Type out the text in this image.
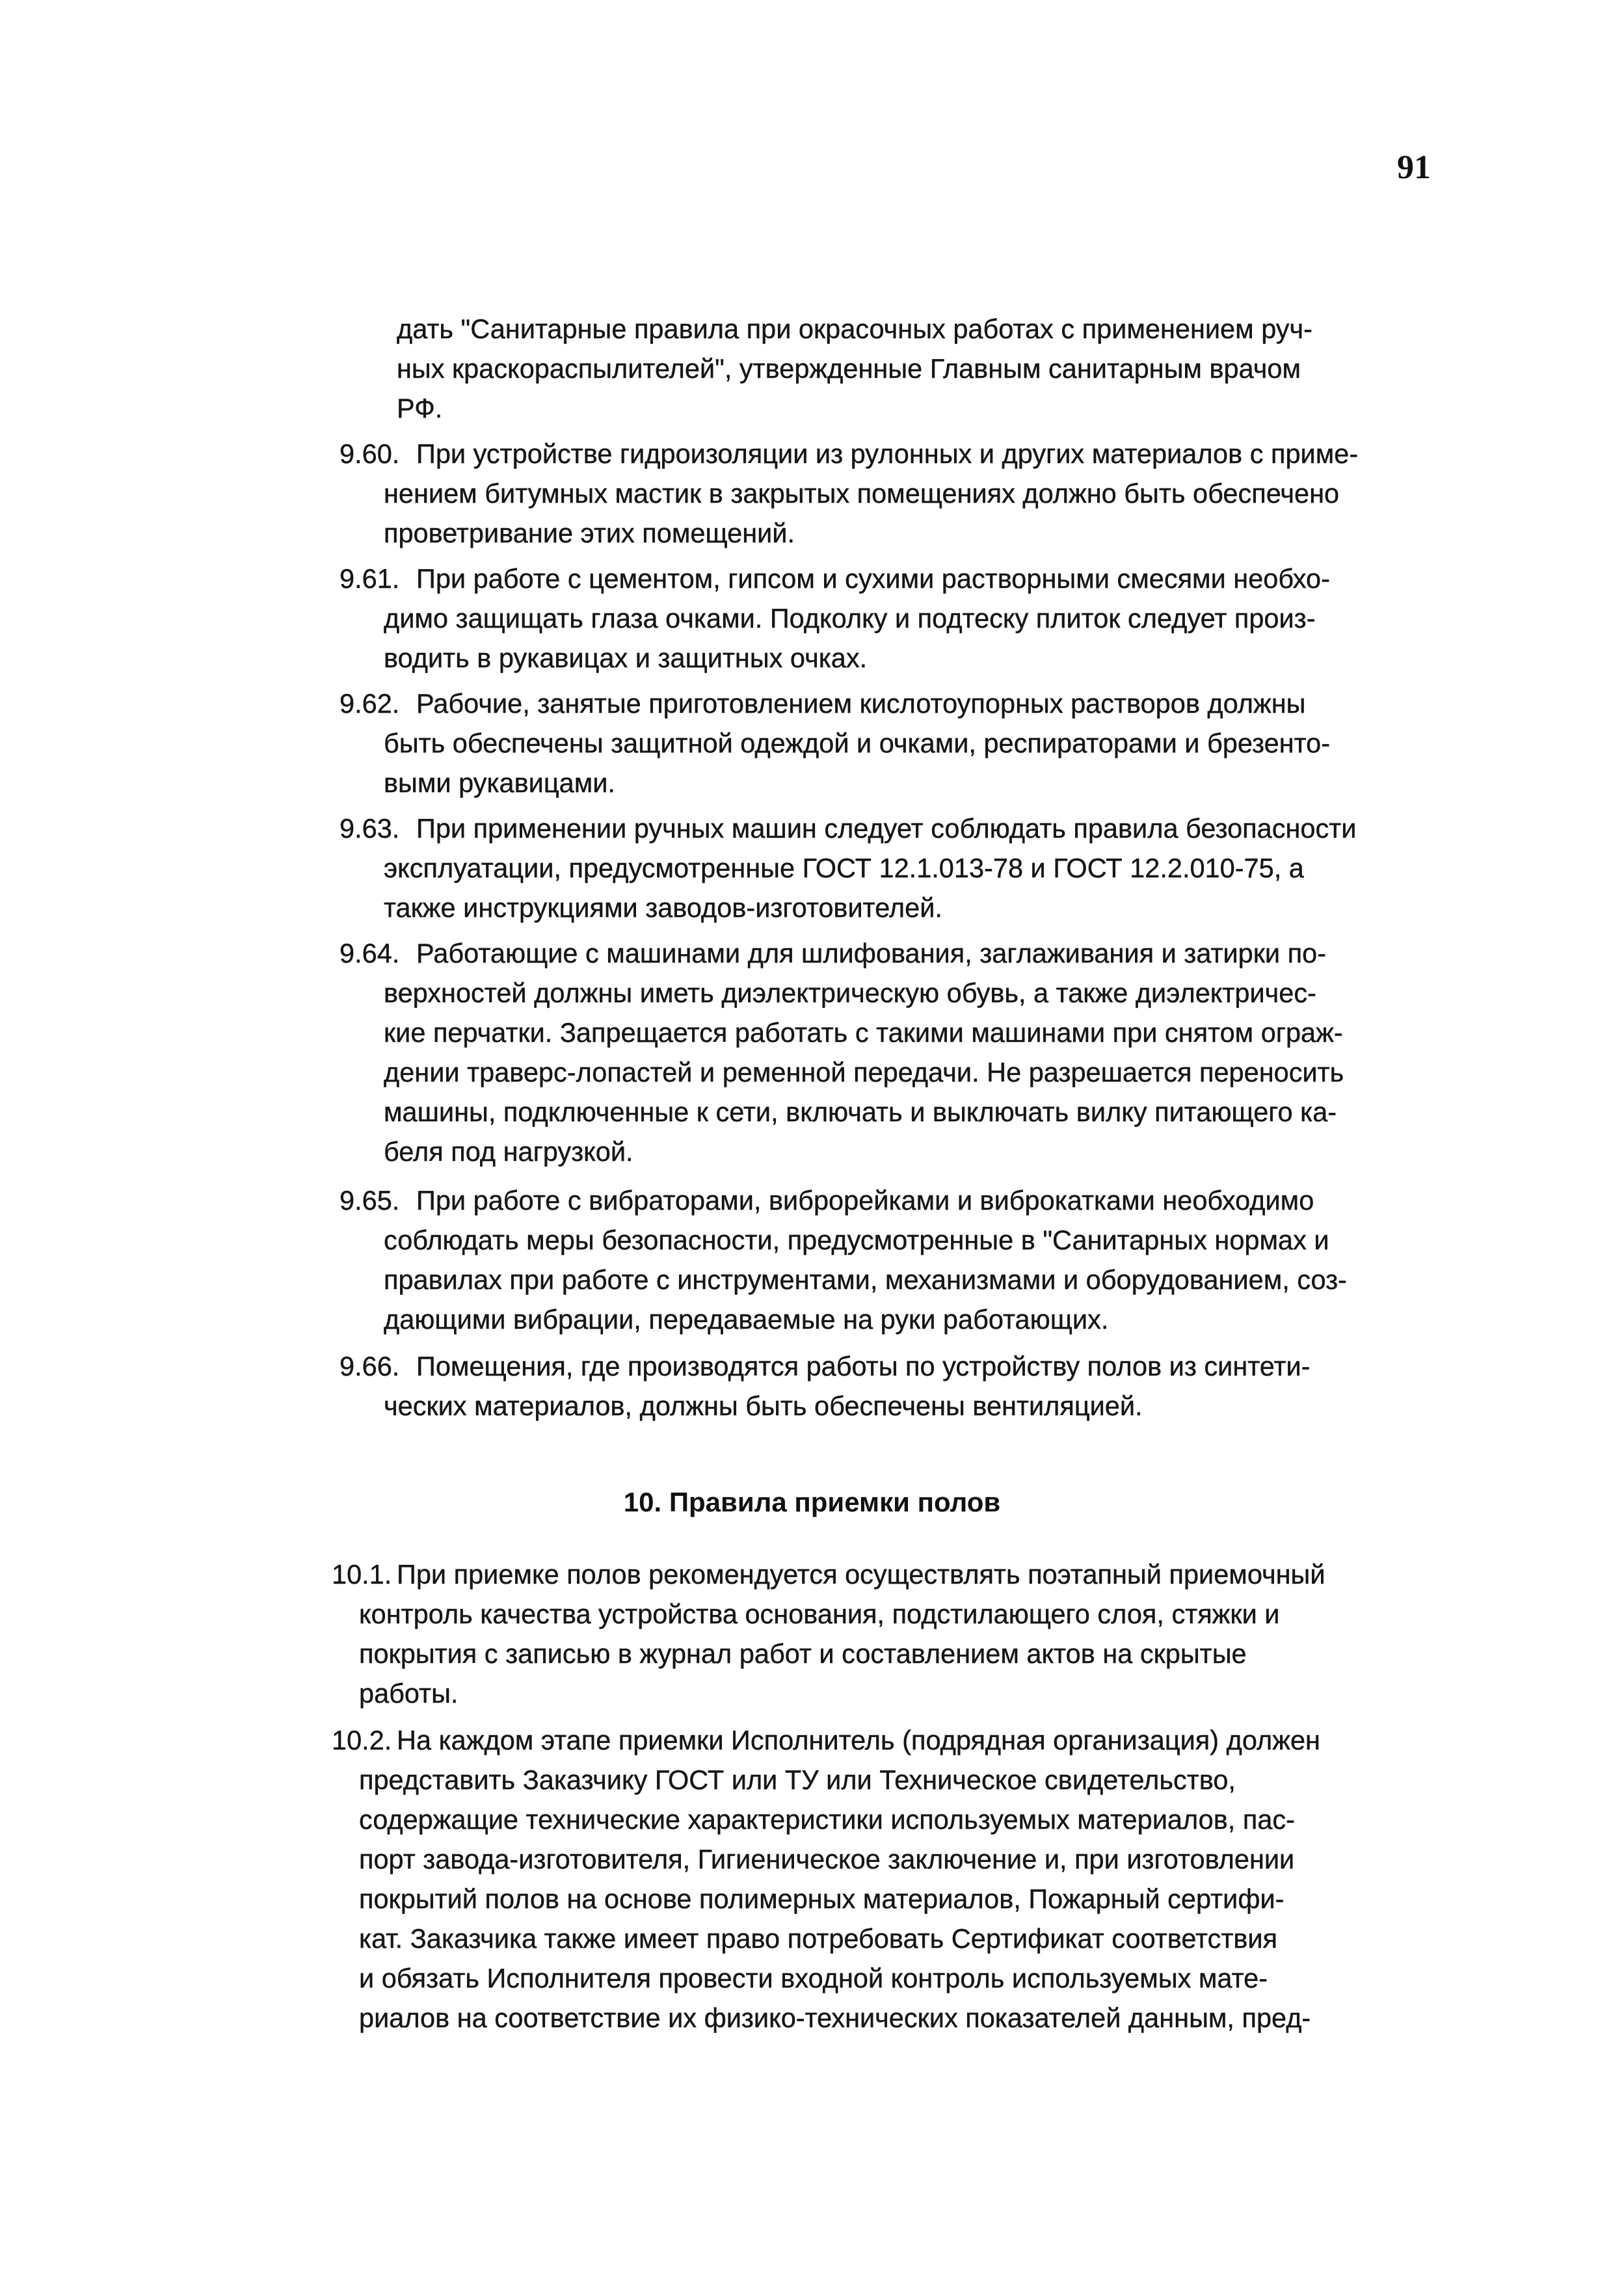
91
дать "Санитарные правила при окрасочных работах с применением руч-
ных краскораспылителей", утвержденные Главным санитарным врачом
РФ.
9.60. При устройстве гидроизоляции из рулонных и других материалов с приме-
нением битумных мастик в закрытых помещениях должно быть обеспечено
проветривание этих помещений.
9.61. При работе с цементом, гипсом и сухими растворными смесями необхо-
димо защищать глаза очками. Подколку и подтеску плиток следует произ-
водить в рукавицах и защитных очках.
9.62. Рабочие, занятые приготовлением кислотоупорных растворов должны
быть обеспечены защитной одеждой и очками, респираторами и брезенто-
выми рукавицами.
9.63. При применении ручных машин следует соблюдать правила безопасности
эксплуатации, предусмотренные ГОСТ 12.1.013-78 и ГОСТ 12.2.010-75, а
также инструкциями заводов-изготовителей.
9.64. Работающие с машинами для шлифования, заглаживания и затирки по-
верхностей должны иметь диэлектрическую обувь, а также диэлектричес-
кие перчатки. Запрещается работать с такими машинами при снятом ограж-
дении траверс-лопастей и ременной передачи. Не разрешается переносить
машины, подключенные к сети, включать и выключать вилку питающего ка-
беля под нагрузкой.
9.65. При работе с вибраторами, виброрейками и виброкатками необходимо
соблюдать меры безопасности, предусмотренные в "Санитарных нормах и
правилах при работе с инструментами, механизмами и оборудованием, соз-
дающими вибрации, передаваемые на руки работающих.
9.66. Помещения, где производятся работы по устройству полов из синтети-
ческих материалов, должны быть обеспечены вентиляцией.
10. Правила приемки полов
10.1. При приемке полов рекомендуется осуществлять поэтапный приемочный
контроль качества устройства основания, подстилающего слоя, стяжки и
покрытия с записью в журнал работ и составлением актов на скрытые
работы.
10.2. На каждом этапе приемки Исполнитель (подрядная организация) должен
представить Заказчику ГОСТ или ТУ или Техническое свидетельство,
содержащие технические характеристики используемых материалов, пас-
порт завода-изготовителя, Гигиеническое заключение и, при изготовлении
покрытий полов на основе полимерных материалов, Пожарный сертифи-
кат. Заказчика также имеет право потребовать Сертификат соответствия
и обязать Исполнителя провести входной контроль используемых мате-
риалов на соответствие их физико-технических показателей данным, пред-
